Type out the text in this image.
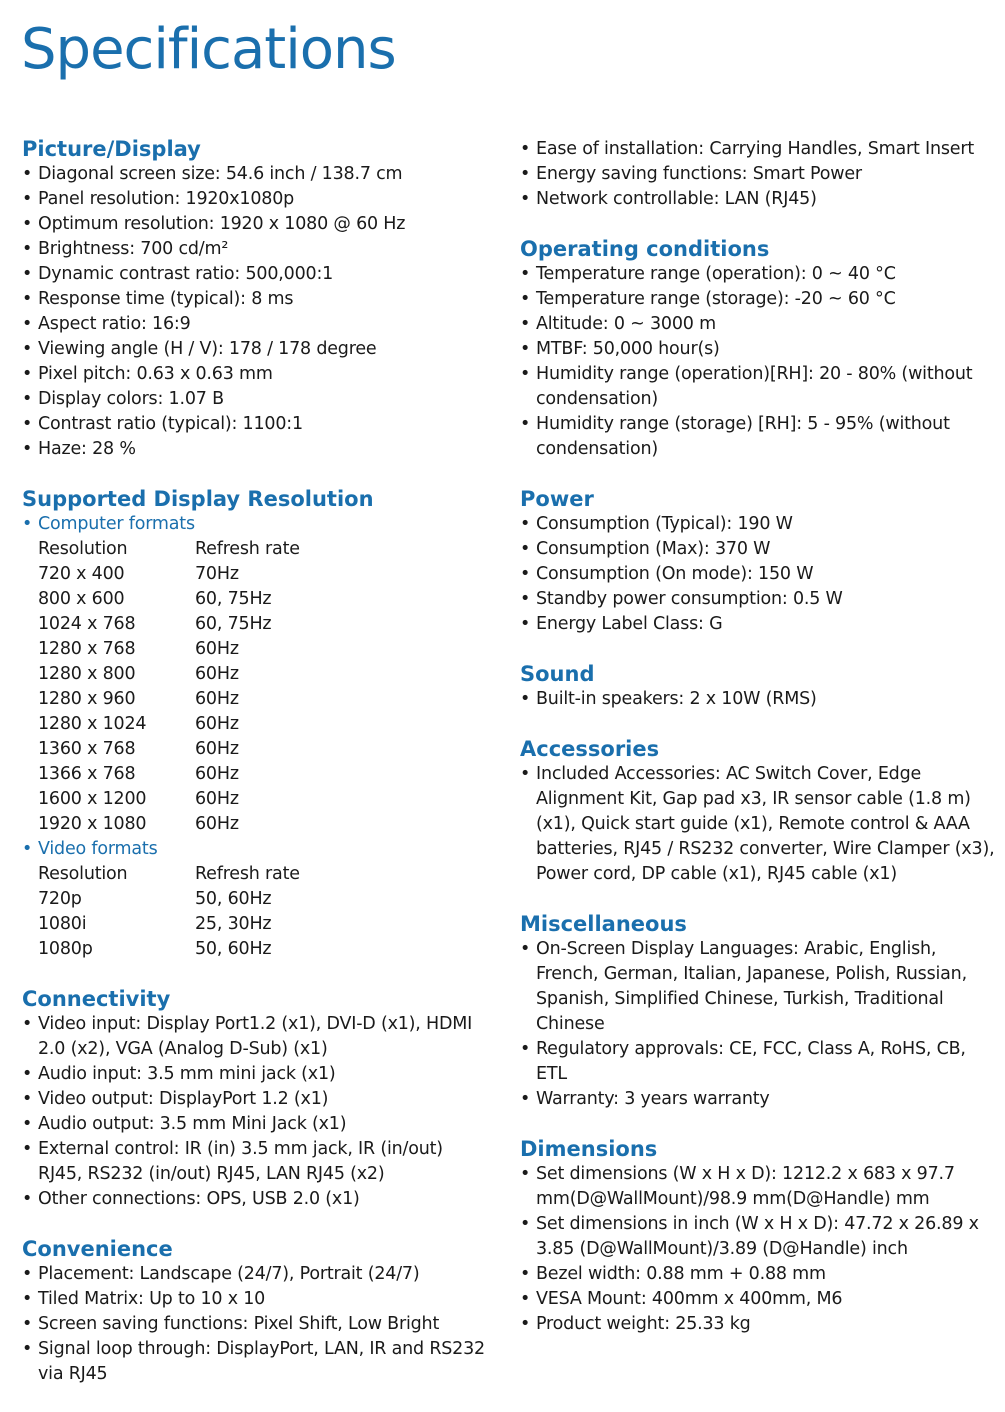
Specifications
Picture/Display
• Diagonal screen size: 54.6 inch / 138.7 cm
• Panel resolution: 1920x1080p
• Optimum resolution: 1920 x 1080 @ 60 Hz
• Brightness: 700 cd/m²
• Dynamic contrast ratio: 500,000:1
• Response time (typical): 8 ms
• Aspect ratio: 16:9
• Viewing angle (H / V): 178 / 178 degree
• Pixel pitch: 0.63 x 0.63 mm
• Display colors: 1.07 B
• Contrast ratio (typical): 1100:1
• Haze: 28 %
Supported Display Resolution
• Computer formats
Resolution	Refresh rate
720 x 400	70Hz
800 x 600	60, 75Hz
1024 x 768	60, 75Hz
1280 x 768	60Hz
1280 x 800	60Hz
1280 x 960	60Hz
1280 x 1024	60Hz
1360 x 768	60Hz
1366 x 768	60Hz
1600 x 1200	60Hz
1920 x 1080	60Hz
• Video formats
Resolution	Refresh rate
720p	50, 60Hz
1080i	25, 30Hz
1080p	50, 60Hz
Connectivity
• Video input: Display Port1.2 (x1), DVI-D (x1), HDMI 2.0 (x2), VGA (Analog D-Sub) (x1)
• Audio input: 3.5 mm mini jack (x1)
• Video output: DisplayPort 1.2 (x1)
• Audio output: 3.5 mm Mini Jack (x1)
• External control: IR (in) 3.5 mm jack, IR (in/out) RJ45, RS232 (in/out) RJ45, LAN RJ45 (x2)
• Other connections: OPS, USB 2.0 (x1)
Convenience
• Placement: Landscape (24/7), Portrait (24/7)
• Tiled Matrix: Up to 10 x 10
• Screen saving functions: Pixel Shift, Low Bright
• Signal loop through: DisplayPort, LAN, IR and RS232 via RJ45
• Ease of installation: Carrying Handles, Smart Insert
• Energy saving functions: Smart Power
• Network controllable: LAN (RJ45)
Operating conditions
• Temperature range (operation): 0 ~ 40 °C
• Temperature range (storage): -20 ~ 60 °C
• Altitude: 0 ~ 3000 m
• MTBF: 50,000 hour(s)
• Humidity range (operation)[RH]: 20 - 80% (without condensation)
• Humidity range (storage) [RH]: 5 - 95% (without condensation)
Power
• Consumption (Typical): 190 W
• Consumption (Max): 370 W
• Consumption (On mode): 150 W
• Standby power consumption: 0.5 W
• Energy Label Class: G
Sound
• Built-in speakers: 2 x 10W (RMS)
Accessories
• Included Accessories: AC Switch Cover, Edge Alignment Kit, Gap pad x3, IR sensor cable (1.8 m) (x1), Quick start guide (x1), Remote control & AAA batteries, RJ45 / RS232 converter, Wire Clamper (x3), Power cord, DP cable (x1), RJ45 cable (x1)
Miscellaneous
• On-Screen Display Languages: Arabic, English, French, German, Italian, Japanese, Polish, Russian, Spanish, Simplified Chinese, Turkish, Traditional Chinese
• Regulatory approvals: CE, FCC, Class A, RoHS, CB, ETL
• Warranty: 3 years warranty
Dimensions
• Set dimensions (W x H x D): 1212.2 x 683 x 97.7 mm(D@WallMount)/98.9 mm(D@Handle) mm
• Set dimensions in inch (W x H x D): 47.72 x 26.89 x 3.85 (D@WallMount)/3.89 (D@Handle) inch
• Bezel width: 0.88 mm + 0.88 mm
• VESA Mount: 400mm x 400mm, M6
• Product weight: 25.33 kg
